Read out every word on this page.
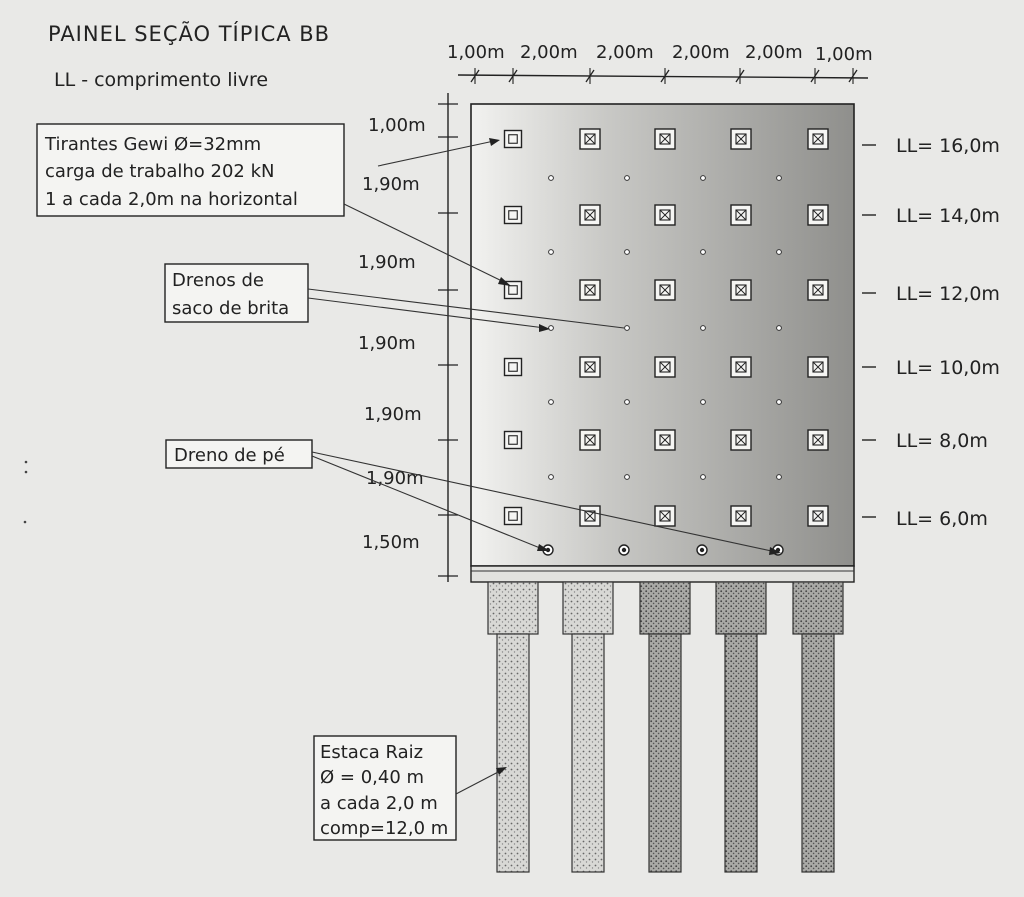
PAINEL SEÇÃO TÍPICA BB
LL - comprimento livre
1,00m 2,00m 2,00m 2,00m 2,00m 1,00m
1,00m
1,90m
1,90m
1,90m
1,90m
1,90m
1,50m
LL= 16,0m
LL= 14,0m
LL= 12,0m
LL= 10,0m
LL= 8,0m
LL= 6,0m
Tirantes Gewi Ø=32mm
carga de trabalho 202 kN
1 a cada 2,0m na horizontal
Drenos de
saco de brita
Dreno de pé
Estaca Raiz
Ø = 0,40 m
a cada 2,0 m
comp=12,0 m
